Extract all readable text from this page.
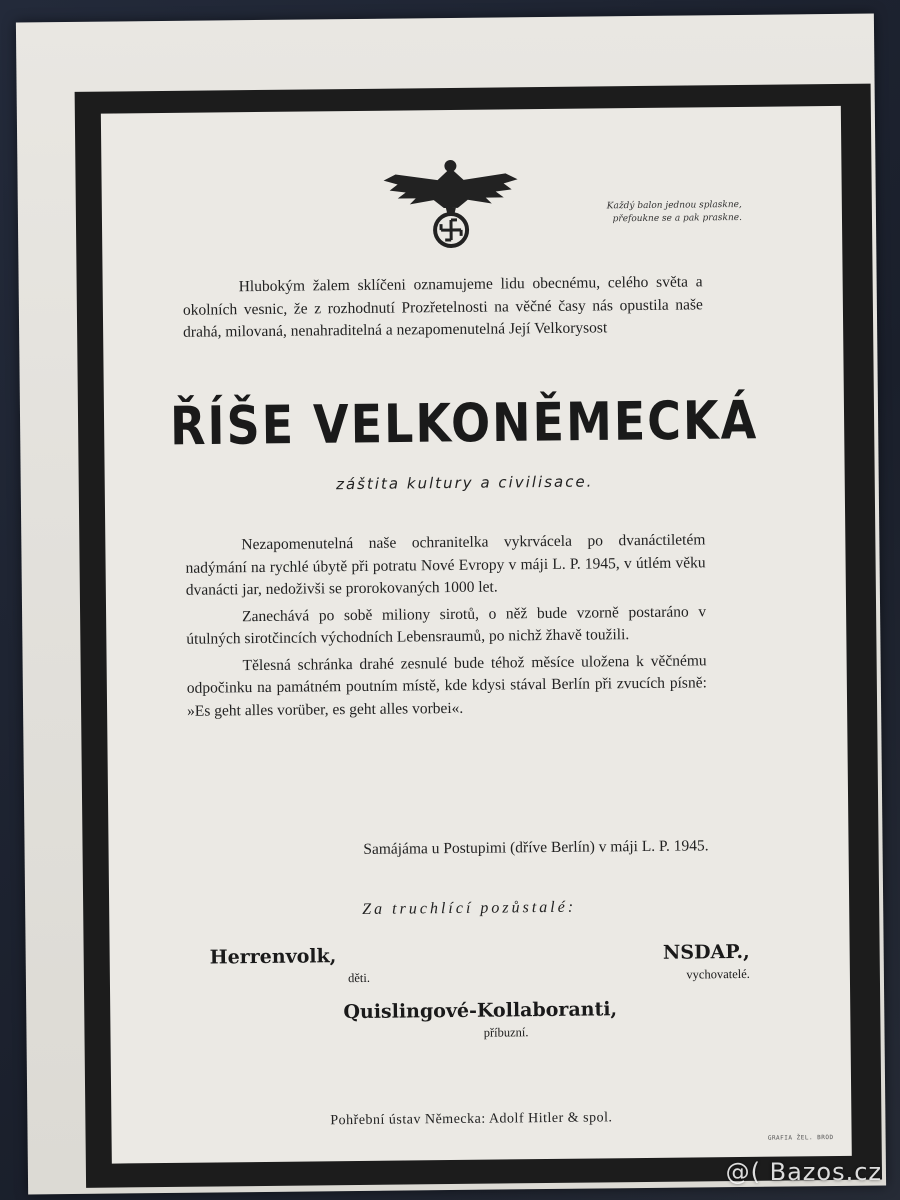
Každý balon jednou splaskne,
přefoukne se a pak praskne.
Hlubokým žalem sklíčeni oznamujeme lidu obecnému, celého světa a okolních vesnic, že z rozhodnutí Prozřetelnosti na věčné časy nás opustila naše drahá, milovaná, nenahraditelná a nezapomenutelná Její Velkorysost
ŘÍŠE VELKONĚMECKÁ
záštita kultury a civilisace.

Nezapomenutelná naše ochranitelka vykrvácela po dvanáctiletém nadýmání na rychlé úbytě při potratu Nové Evropy v máji L. P. 1945, v útlém věku dvanácti jar, nedoživši se prorokovaných 1000 let.

Zanechává po sobě miliony sirotů, o něž bude vzorně postaráno v útulných sirotčincích východních Lebensraumů, po nichž žhavě toužili.

Tělesná schránka drahé zesnulé bude téhož měsíce uložena k věčnému odpočinku na památném poutním místě, kde kdysi stával Berlín při zvucích písně: »Es geht alles vorüber, es geht alles vorbei«.

Samájáma u Postupimi (dříve Berlín) v máji L. P. 1945.
Za truchlící pozůstalé:
Herrenvolk,
děti.
NSDAP.,
vychovatelé.
Quislingové-Kollaboranti,
příbuzní.
Pohřební ústav Německa: Adolf Hitler & spol.
GRAFIA ŽEL. BROD
@( Bazos.cz
